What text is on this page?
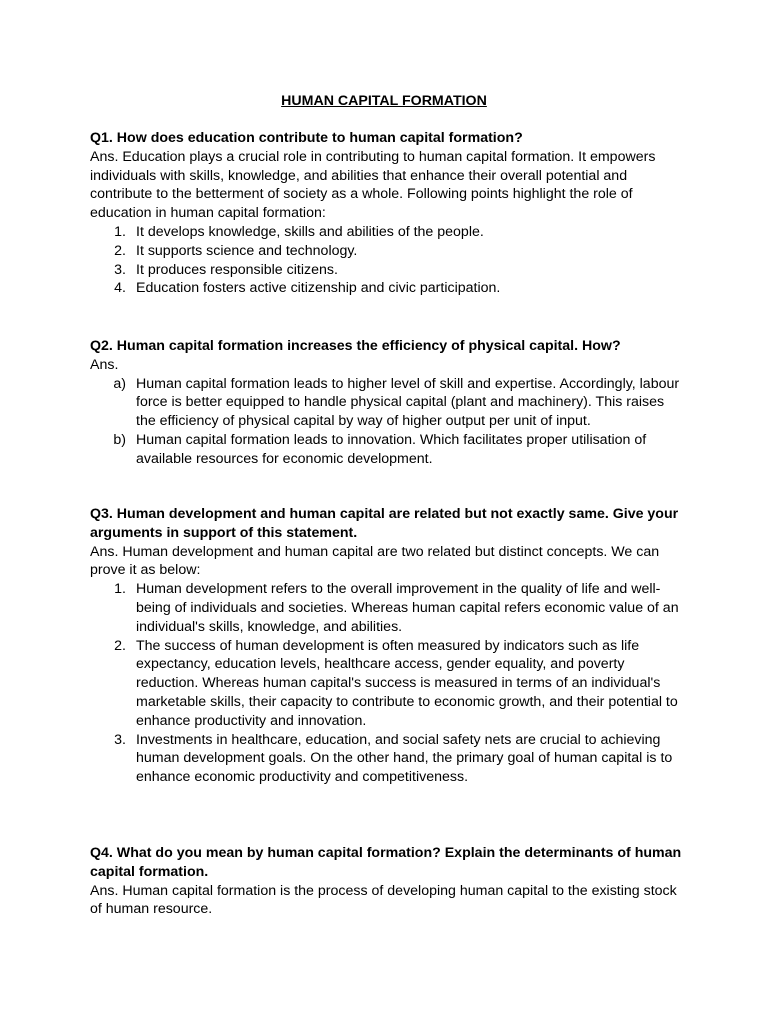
HUMAN CAPITAL FORMATION

Q1. How does education contribute to human capital formation?

Ans. Education plays a crucial role in contributing to human capital formation. It empowers individuals with skills, knowledge, and abilities that enhance their overall potential and contribute to the betterment of society as a whole. Following points highlight the role of education in human capital formation:

1. It develops knowledge, skills and abilities of the people.
2. It supports science and technology.
3. It produces responsible citizens.
4. Education fosters active citizenship and civic participation.

Q2. Human capital formation increases the efficiency of physical capital. How?

Ans.

a) Human capital formation leads to higher level of skill and expertise. Accordingly, labour force is better equipped to handle physical capital (plant and machinery). This raises the efficiency of physical capital by way of higher output per unit of input.
b) Human capital formation leads to innovation. Which facilitates proper utilisation of available resources for economic development.

Q3. Human development and human capital are related but not exactly same. Give your arguments in support of this statement.

Ans. Human development and human capital are two related but distinct concepts. We can prove it as below:

1. Human development refers to the overall improvement in the quality of life and well-being of individuals and societies. Whereas human capital refers economic value of an individual's skills, knowledge, and abilities.
2. The success of human development is often measured by indicators such as life expectancy, education levels, healthcare access, gender equality, and poverty reduction. Whereas human capital's success is measured in terms of an individual's marketable skills, their capacity to contribute to economic growth, and their potential to enhance productivity and innovation.
3. Investments in healthcare, education, and social safety nets are crucial to achieving human development goals. On the other hand, the primary goal of human capital is to enhance economic productivity and competitiveness.

Q4. What do you mean by human capital formation? Explain the determinants of human capital formation.

Ans. Human capital formation is the process of developing human capital to the existing stock of human resource.
